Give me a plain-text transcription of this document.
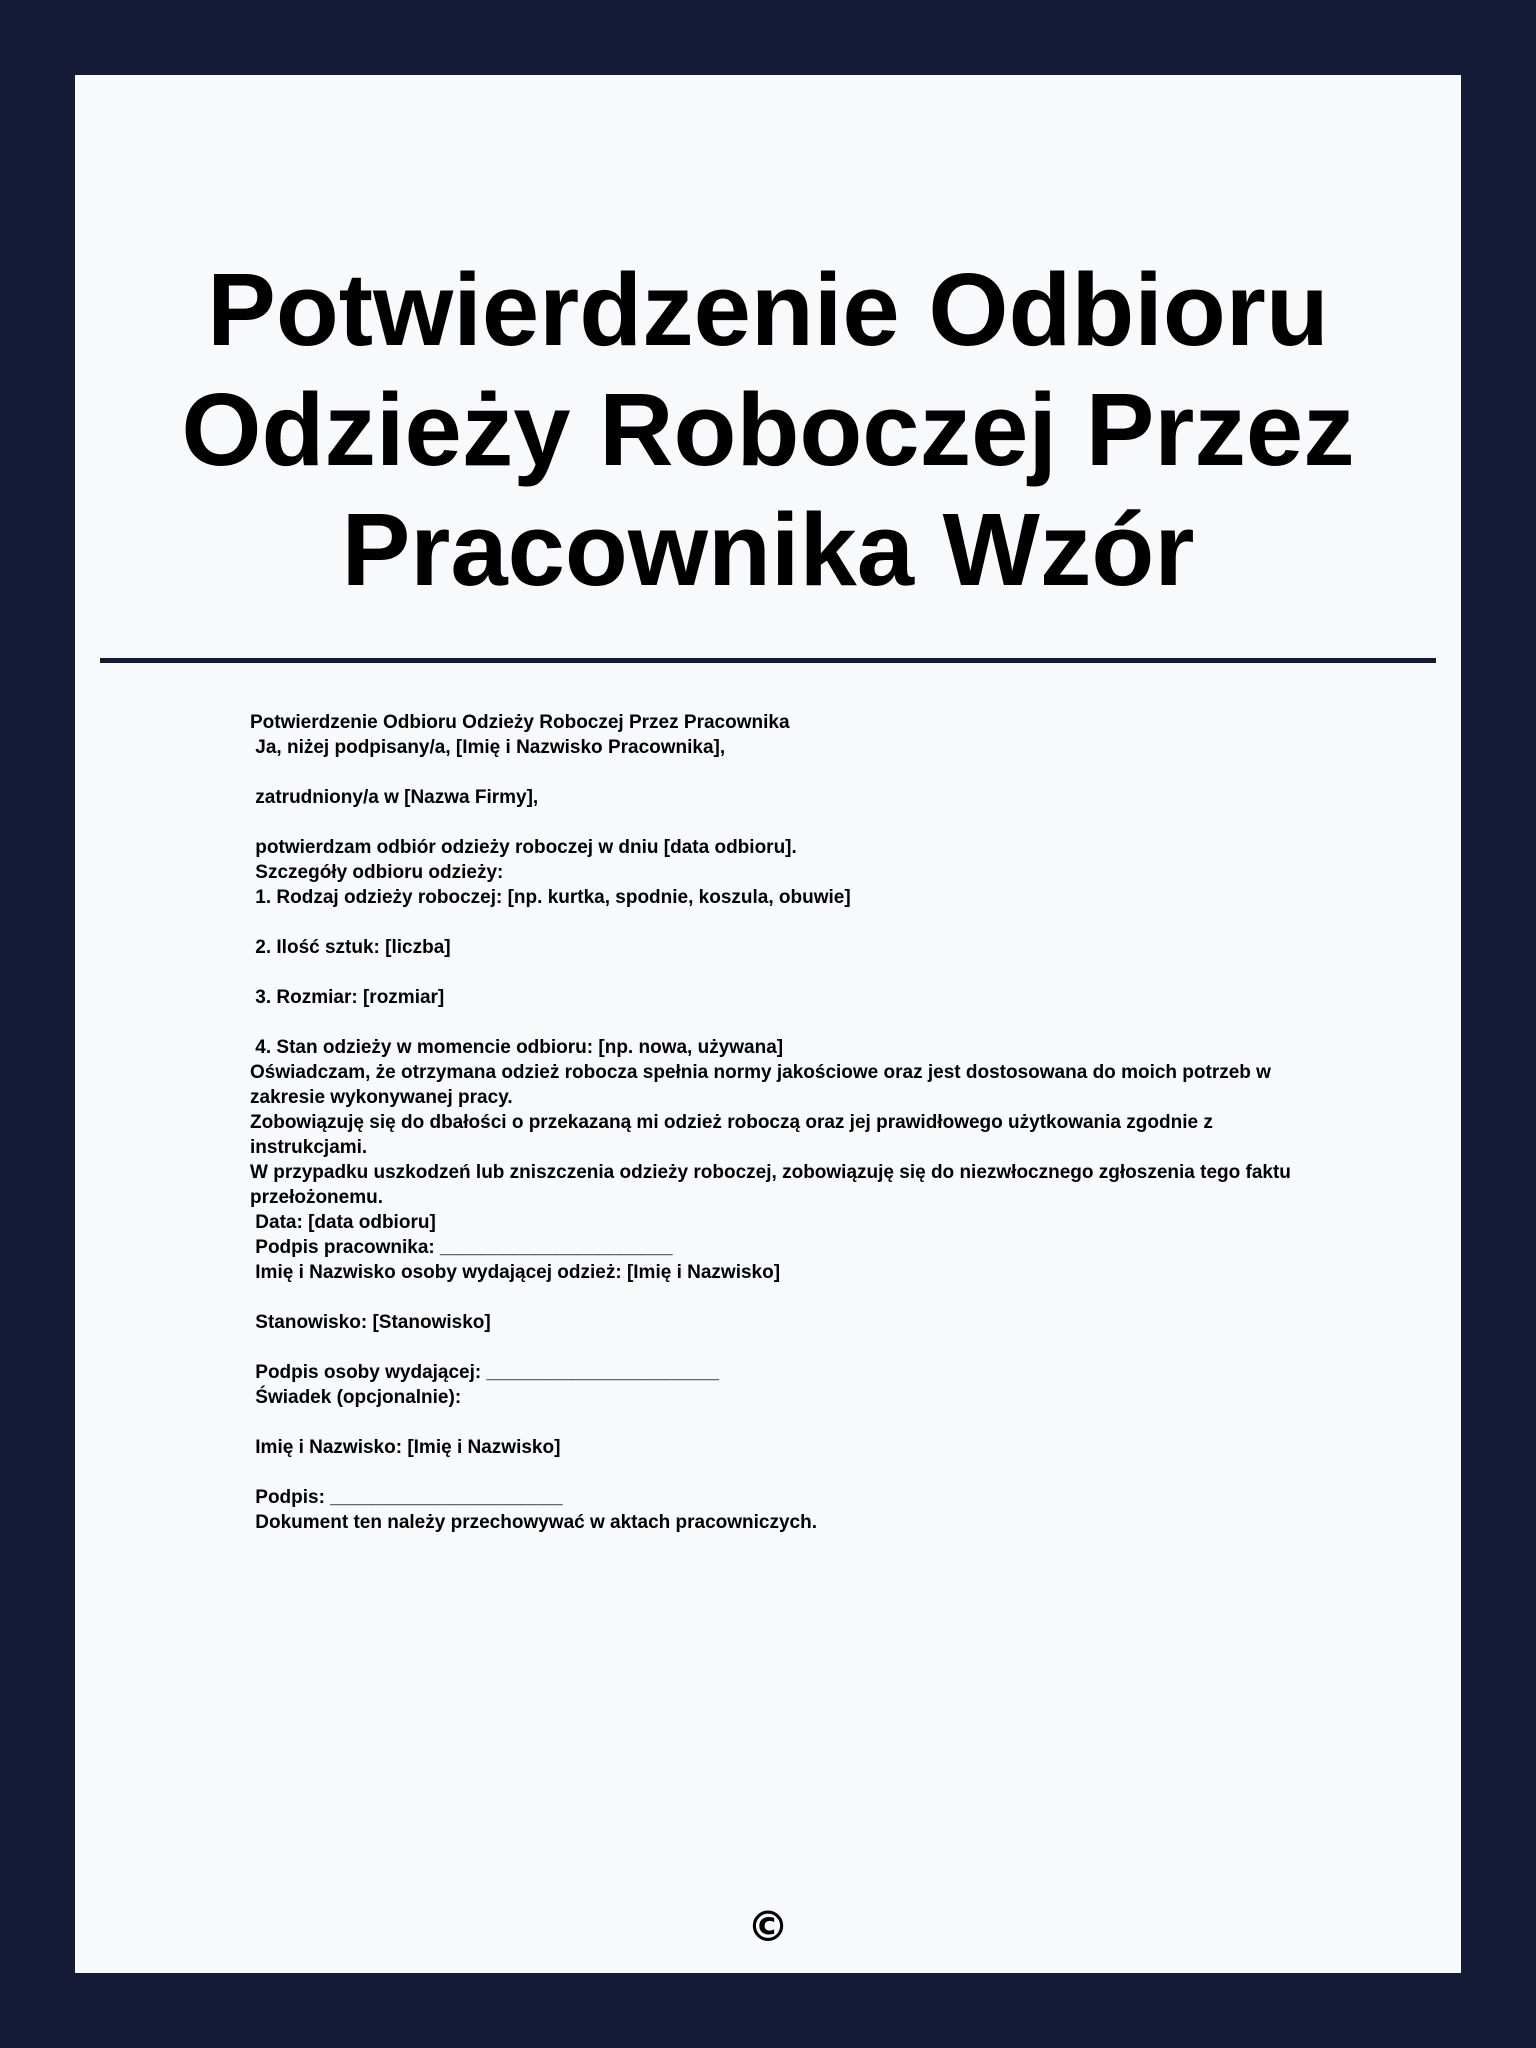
Potwierdzenie Odbioru
Odzieży Roboczej Przez
Pracownika Wzór
Potwierdzenie Odbioru Odzieży Roboczej Przez Pracownika
Ja, niżej podpisany/a, [Imię i Nazwisko Pracownika],
zatrudniony/a w [Nazwa Firmy],
potwierdzam odbiór odzieży roboczej w dniu [data odbioru].
Szczegóły odbioru odzieży:
1. Rodzaj odzieży roboczej: [np. kurtka, spodnie, koszula, obuwie]
2. Ilość sztuk: [liczba]
3. Rozmiar: [rozmiar]
4. Stan odzieży w momencie odbioru: [np. nowa, używana]
Oświadczam, że otrzymana odzież robocza spełnia normy jakościowe oraz jest dostosowana do moich potrzeb w zakresie wykonywanej pracy.
Zobowiązuję się do dbałości o przekazaną mi odzież roboczą oraz jej prawidłowego użytkowania zgodnie z instrukcjami.
W przypadku uszkodzeń lub zniszczenia odzieży roboczej, zobowiązuję się do niezwłocznego zgłoszenia tego faktu przełożonemu.
Data: [data odbioru]
Podpis pracownika: ______________________
Imię i Nazwisko osoby wydającej odzież: [Imię i Nazwisko]
Stanowisko: [Stanowisko]
Podpis osoby wydającej: ______________________
Świadek (opcjonalnie):
Imię i Nazwisko: [Imię i Nazwisko]
Podpis: ______________________
Dokument ten należy przechowywać w aktach pracowniczych.
©
